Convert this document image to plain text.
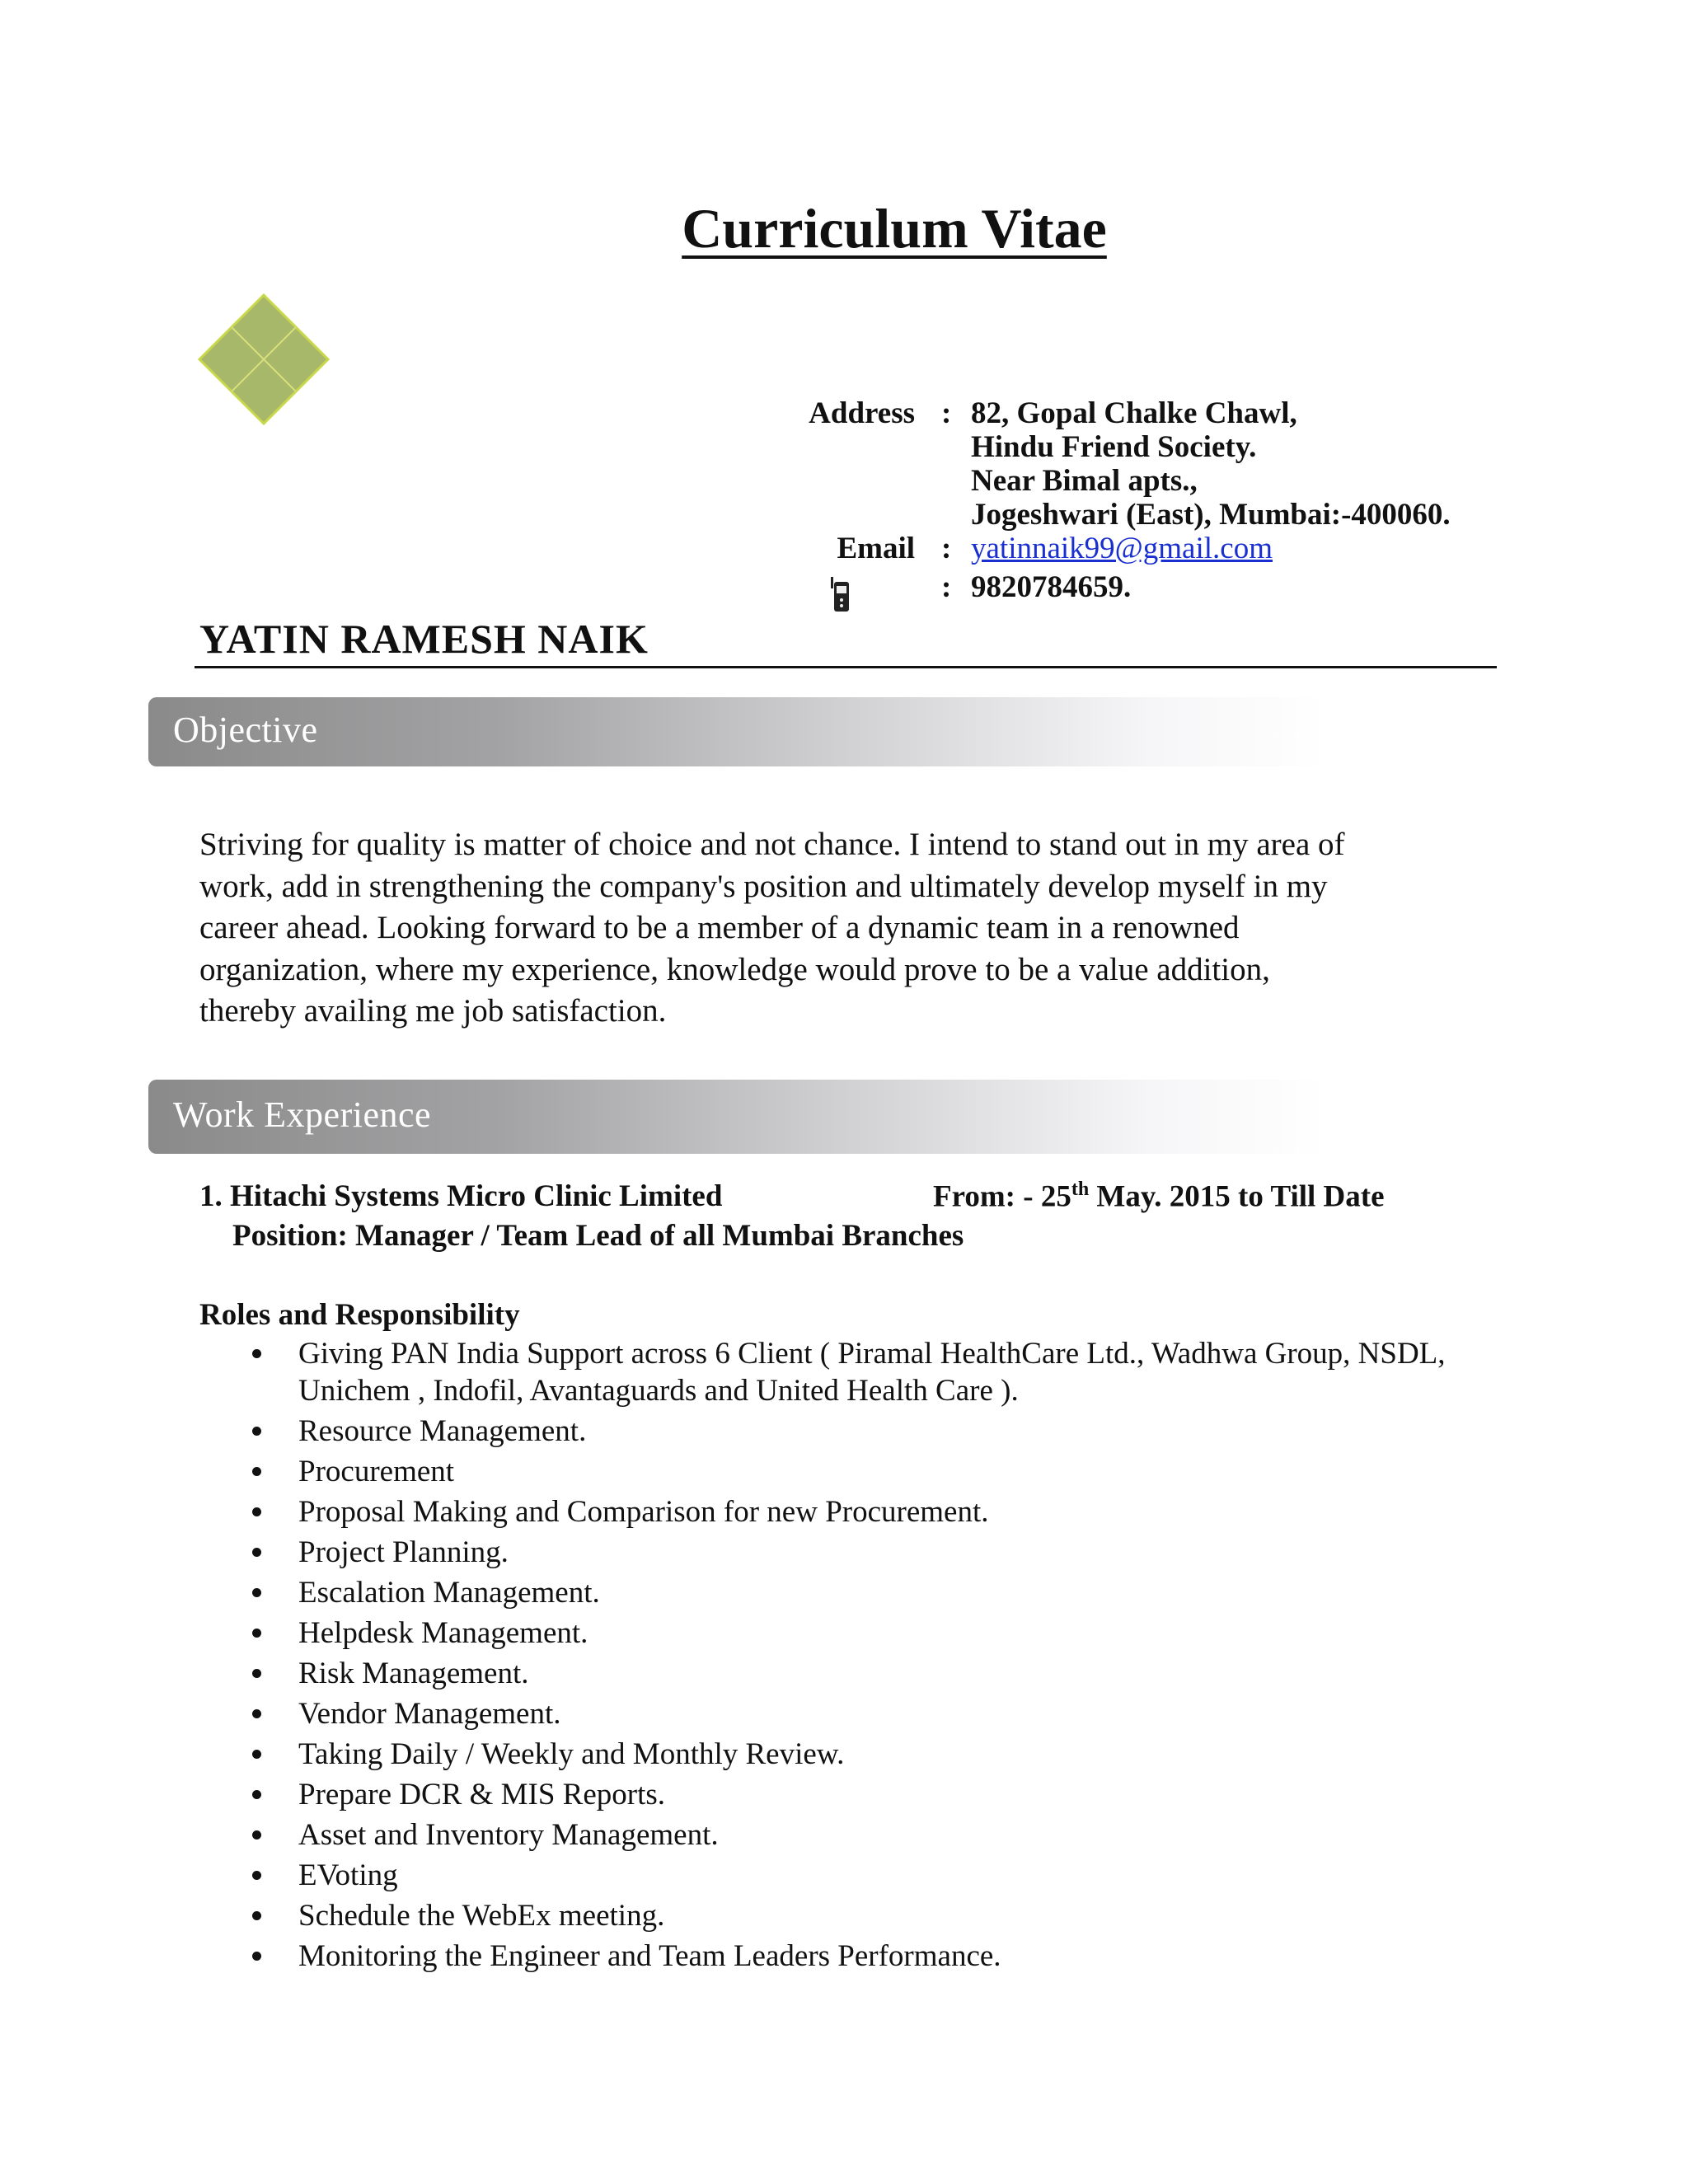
Curriculum Vitae
Address : 82, Gopal Chalke Chawl,
Hindu Friend Society.
Near Bimal apts.,
Jogeshwari (East), Mumbai:-400060.
Email : yatinnaik99@gmail.com
: 9820784659.
YATIN RAMESH NAIK
Objective
Striving for quality is matter of choice and not chance. I intend to stand out in my area of
work, add in strengthening the company's position and ultimately develop myself in my
career ahead. Looking forward to be a member of a dynamic team in a renowned
organization, where my experience, knowledge would prove to be a value addition,
thereby availing me job satisfaction.
Work Experience
1. Hitachi Systems Micro Clinic Limited	From: - 25th May. 2015 to Till Date
Position: Manager / Team Lead of all Mumbai Branches
Roles and Responsibility
Giving PAN India Support across 6 Client ( Piramal HealthCare Ltd., Wadhwa Group, NSDL, Unichem , Indofil, Avantaguards and United Health Care ).
Resource Management.
Procurement
Proposal Making and Comparison for new Procurement.
Project Planning.
Escalation Management.
Helpdesk Management.
Risk Management.
Vendor Management.
Taking Daily / Weekly and Monthly Review.
Prepare DCR & MIS Reports.
Asset and Inventory Management.
EVoting
Schedule the WebEx meeting.
Monitoring the Engineer and Team Leaders Performance.
